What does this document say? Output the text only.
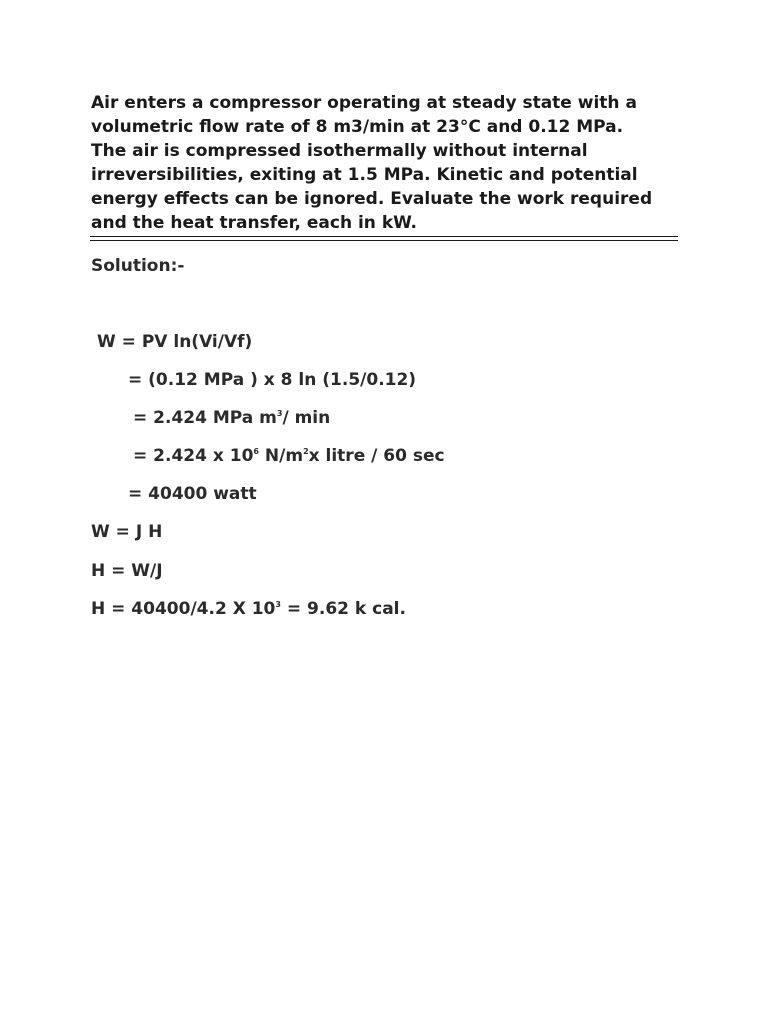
Air enters a compressor operating at steady state with a
volumetric flow rate of 8 m3/min at 23°C and 0.12 MPa.
The air is compressed isothermally without internal
irreversibilities, exiting at 1.5 MPa. Kinetic and potential
energy effects can be ignored. Evaluate the work required
and the heat transfer, each in kW.
Solution:-
W = PV ln(Vi/Vf)
= (0.12 MPa ) x 8 ln (1.5/0.12)
= 2.424 MPa $m^3/$ min
= 2.424 x $10^6$ $N/m^2x$ litre / 60 sec
= 40400 watt
W = J H
H = W/J
H = 40400/4.2 X $10^3 = 9.62$ k cal.
